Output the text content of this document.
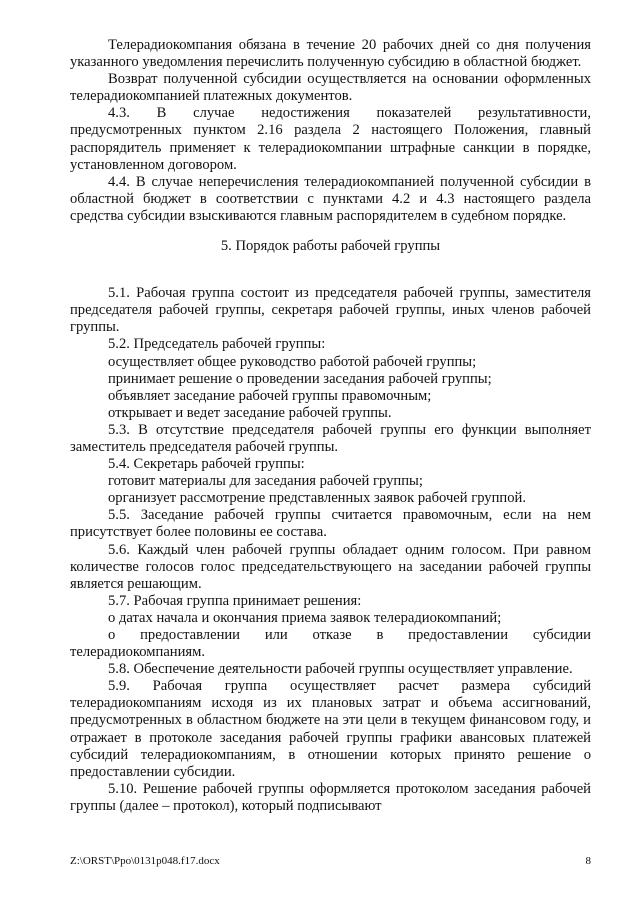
Телерадиокомпания обязана в течение 20 рабочих дней со дня получения указанного уведомления перечислить полученную субсидию в областной бюджет.

Возврат полученной субсидии осуществляется на основании оформленных телерадиокомпанией платежных документов.

4.3. В случае недостижения показателей результативности, предусмотренных пунктом 2.16 раздела 2 настоящего Положения, главный распорядитель применяет к телерадиокомпании штрафные санкции в порядке, установленном договором.

4.4. В случае неперечисления телерадиокомпанией полученной субсидии в областной бюджет в соответствии с пунктами 4.2 и 4.3 настоящего раздела средства субсидии взыскиваются главным распорядителем в судебном порядке.

5. Порядок работы рабочей группы

5.1. Рабочая группа состоит из председателя рабочей группы, заместителя председателя рабочей группы, секретаря рабочей группы, иных членов рабочей группы.

5.2. Председатель рабочей группы:

осуществляет общее руководство работой рабочей группы;

принимает решение о проведении заседания рабочей группы;

объявляет заседание рабочей группы правомочным;

открывает и ведет заседание рабочей группы.

5.3. В отсутствие председателя рабочей группы его функции выполняет заместитель председателя рабочей группы.

5.4. Секретарь рабочей группы:

готовит материалы для заседания рабочей группы;

организует рассмотрение представленных заявок рабочей группой.

5.5. Заседание рабочей группы считается правомочным, если на нем присутствует более половины ее состава.

5.6. Каждый член рабочей группы обладает одним голосом. При равном количестве голосов голос председательствующего на заседании рабочей группы является решающим.

5.7. Рабочая группа принимает решения:

о датах начала и окончания приема заявок телерадиокомпаний;

о предоставлении или отказе в предоставлении субсидии телерадиокомпаниям.

5.8. Обеспечение деятельности рабочей группы осуществляет управление.

5.9. Рабочая группа осуществляет расчет размера субсидий телерадиокомпаниям исходя из их плановых затрат и объема ассигнований, предусмотренных в областном бюджете на эти цели в текущем финансовом году, и отражает в протоколе заседания рабочей группы графики авансовых платежей субсидий телерадиокомпаниям, в отношении которых принято решение о предоставлении субсидии.

5.10. Решение рабочей группы оформляется протоколом заседания рабочей группы (далее – протокол), который подписывают

Z:\ORST\Ppo\0131p048.f17.docx	8
